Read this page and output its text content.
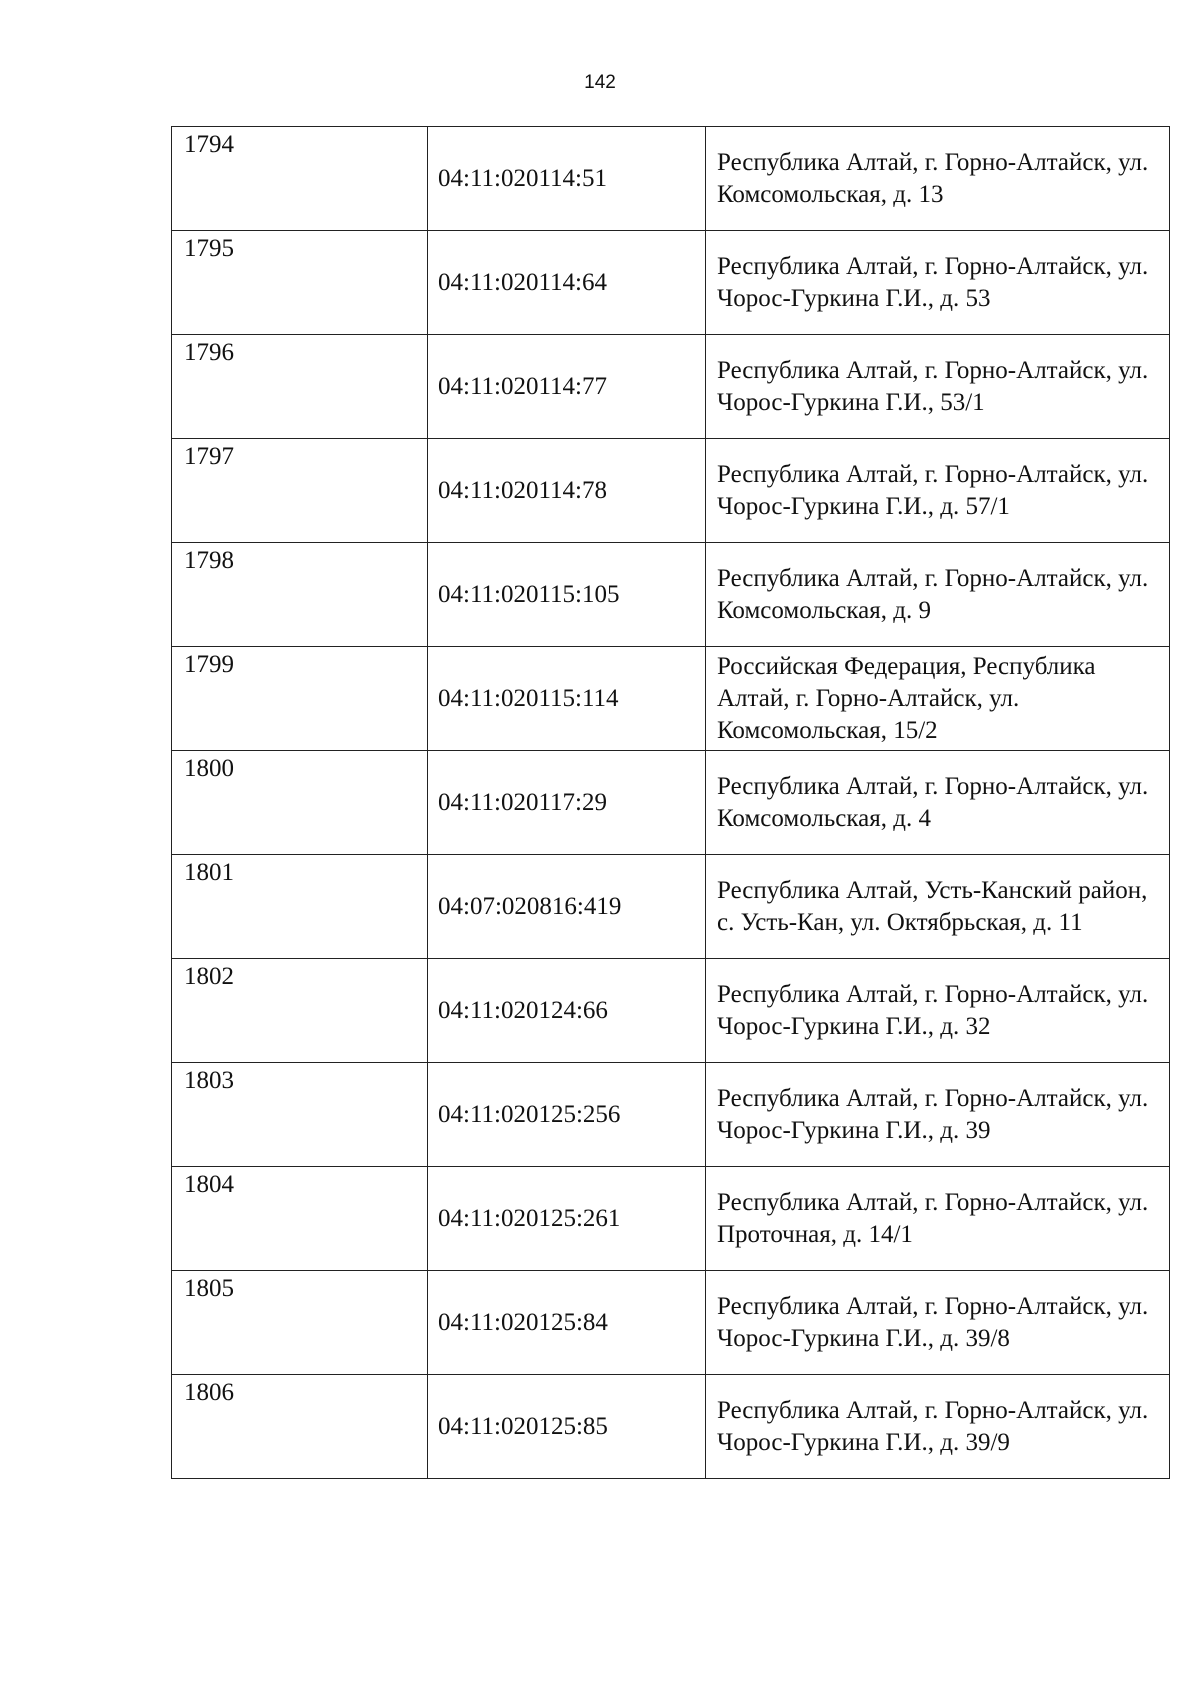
142
1794	04:11:020114:51	Республика Алтай, г. Горно-Алтайск, ул. Комсомольская, д. 13
1795	04:11:020114:64	Республика Алтай, г. Горно-Алтайск, ул. Чорос-Гуркина Г.И., д. 53
1796	04:11:020114:77	Республика Алтай, г. Горно-Алтайск, ул. Чорос-Гуркина Г.И., 53/1
1797	04:11:020114:78	Республика Алтай, г. Горно-Алтайск, ул. Чорос-Гуркина Г.И., д. 57/1
1798	04:11:020115:105	Республика Алтай, г. Горно-Алтайск, ул. Комсомольская, д. 9
1799	04:11:020115:114	Российская Федерация, Республика Алтай, г. Горно-Алтайск, ул. Комсомольская, 15/2
1800	04:11:020117:29	Республика Алтай, г. Горно-Алтайск, ул. Комсомольская, д. 4
1801	04:07:020816:419	Республика Алтай, Усть-Канский район, с. Усть-Кан, ул. Октябрьская, д. 11
1802	04:11:020124:66	Республика Алтай, г. Горно-Алтайск, ул. Чорос-Гуркина Г.И., д. 32
1803	04:11:020125:256	Республика Алтай, г. Горно-Алтайск, ул. Чорос-Гуркина Г.И., д. 39
1804	04:11:020125:261	Республика Алтай, г. Горно-Алтайск, ул. Проточная, д. 14/1
1805	04:11:020125:84	Республика Алтай, г. Горно-Алтайск, ул. Чорос-Гуркина Г.И., д. 39/8
1806	04:11:020125:85	Республика Алтай, г. Горно-Алтайск, ул. Чорос-Гуркина Г.И., д. 39/9
